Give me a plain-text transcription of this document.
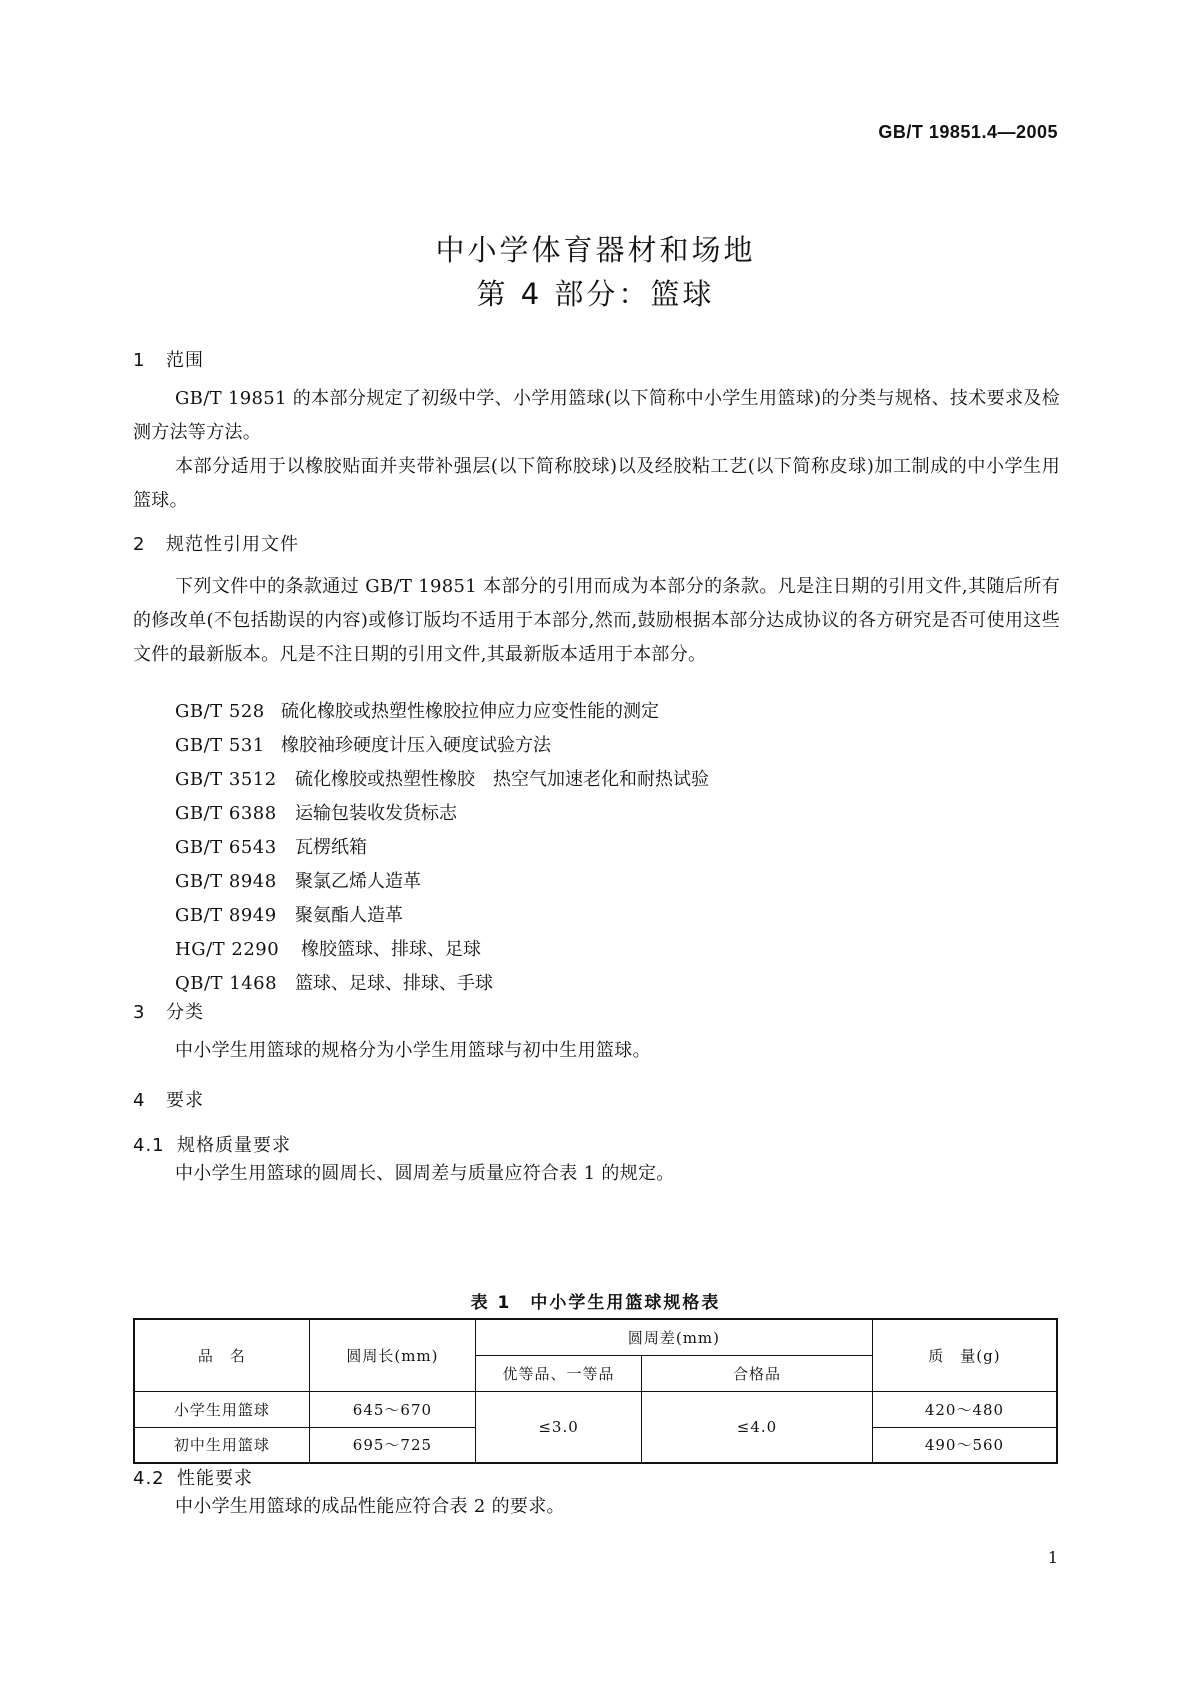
GB/T 19851.4—2005
中小学体育器材和场地
第 4 部分：篮球
1 范围
GB/T 19851 的本部分规定了初级中学、小学用篮球(以下简称中小学生用篮球)的分类与规格、技术要求及检测方法等方法。
本部分适用于以橡胶贴面并夹带补强层(以下简称胶球)以及经胶粘工艺(以下简称皮球)加工制成的中小学生用篮球。
2 规范性引用文件
下列文件中的条款通过 GB/T 19851 本部分的引用而成为本部分的条款。凡是注日期的引用文件,其随后所有的修改单(不包括勘误的内容)或修订版均不适用于本部分,然而,鼓励根据本部分达成协议的各方研究是否可使用这些文件的最新版本。凡是不注日期的引用文件,其最新版本适用于本部分。
GB/T 528 硫化橡胶或热塑性橡胶拉伸应力应变性能的测定
GB/T 531 橡胶袖珍硬度计压入硬度试验方法
GB/T 3512 硫化橡胶或热塑性橡胶　热空气加速老化和耐热试验
GB/T 6388 运输包装收发货标志
GB/T 6543 瓦楞纸箱
GB/T 8948 聚氯乙烯人造革
GB/T 8949 聚氨酯人造革
HG/T 2290 橡胶篮球、排球、足球
QB/T 1468 篮球、足球、排球、手球
3 分类
中小学生用篮球的规格分为小学生用篮球与初中生用篮球。
4 要求
4.1 规格质量要求
中小学生用篮球的圆周长、圆周差与质量应符合表 1 的规定。
表 1　中小学生用篮球规格表
品　名	圆周长(mm)	圆周差(mm)		质　量(g)
		优等品、一等品	合格品	
小学生用篮球	645～670	≤3.0	≤4.0	420～480
初中生用篮球	695～725			490～560
4.2 性能要求
中小学生用篮球的成品性能应符合表 2 的要求。
1
